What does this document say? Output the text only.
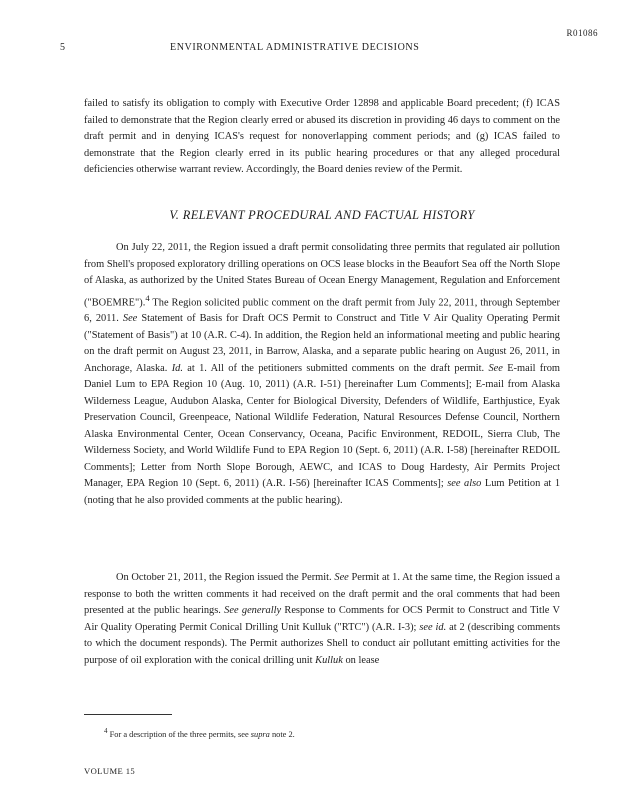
R01086
5	ENVIRONMENTAL ADMINISTRATIVE DECISIONS

failed to satisfy its obligation to comply with Executive Order 12898 and applicable Board precedent; (f) ICAS failed to demonstrate that the Region clearly erred or abused its discretion in providing 46 days to comment on the draft permit and in denying ICAS's request for nonoverlapping comment periods; and (g) ICAS failed to demonstrate that the Region clearly erred in its public hearing procedures or that any alleged procedural deficiencies otherwise warrant review. Accordingly, the Board denies review of the Permit.

V. RELEVANT PROCEDURAL AND FACTUAL HISTORY

On July 22, 2011, the Region issued a draft permit consolidating three permits that regulated air pollution from Shell's proposed exploratory drilling operations on OCS lease blocks in the Beaufort Sea off the North Slope of Alaska, as authorized by the United States Bureau of Ocean Energy Management, Regulation and Enforcement ("BOEMRE").$^4$ The Region solicited public comment on the draft permit from July 22, 2011, through September 6, 2011. See Statement of Basis for Draft OCS Permit to Construct and Title V Air Quality Operating Permit ("Statement of Basis") at 10 (A.R. C-4). In addition, the Region held an informational meeting and public hearing on the draft permit on August 23, 2011, in Barrow, Alaska, and a separate public hearing on August 26, 2011, in Anchorage, Alaska. Id. at 1. All of the petitioners submitted comments on the draft permit. See E-mail from Daniel Lum to EPA Region 10 (Aug. 10, 2011) (A.R. I-51) [hereinafter Lum Comments]; E-mail from Alaska Wilderness League, Audubon Alaska, Center for Biological Diversity, Defenders of Wildlife, Earthjustice, Eyak Preservation Council, Greenpeace, National Wildlife Federation, Natural Resources Defense Council, Northern Alaska Environmental Center, Ocean Conservancy, Oceana, Pacific Environment, REDOIL, Sierra Club, The Wilderness Society, and World Wildlife Fund to EPA Region 10 (Sept. 6, 2011) (A.R. I-58) [hereinafter REDOIL Comments]; Letter from North Slope Borough, AEWC, and ICAS to Doug Hardesty, Air Permits Project Manager, EPA Region 10 (Sept. 6, 2011) (A.R. I-56) [hereinafter ICAS Comments]; see also Lum Petition at 1 (noting that he also provided comments at the public hearing).

On October 21, 2011, the Region issued the Permit. See Permit at 1. At the same time, the Region issued a response to both the written comments it had received on the draft permit and the oral comments that had been presented at the public hearings. See generally Response to Comments for OCS Permit to Construct and Title V Air Quality Operating Permit Conical Drilling Unit Kulluk ("RTC") (A.R. I-3); see id. at 2 (describing comments to which the document responds). The Permit authorizes Shell to conduct air pollutant emitting activities for the purpose of oil exploration with the conical drilling unit Kulluk on lease

$^4$ For a description of the three permits, see supra note 2.
VOLUME 15
